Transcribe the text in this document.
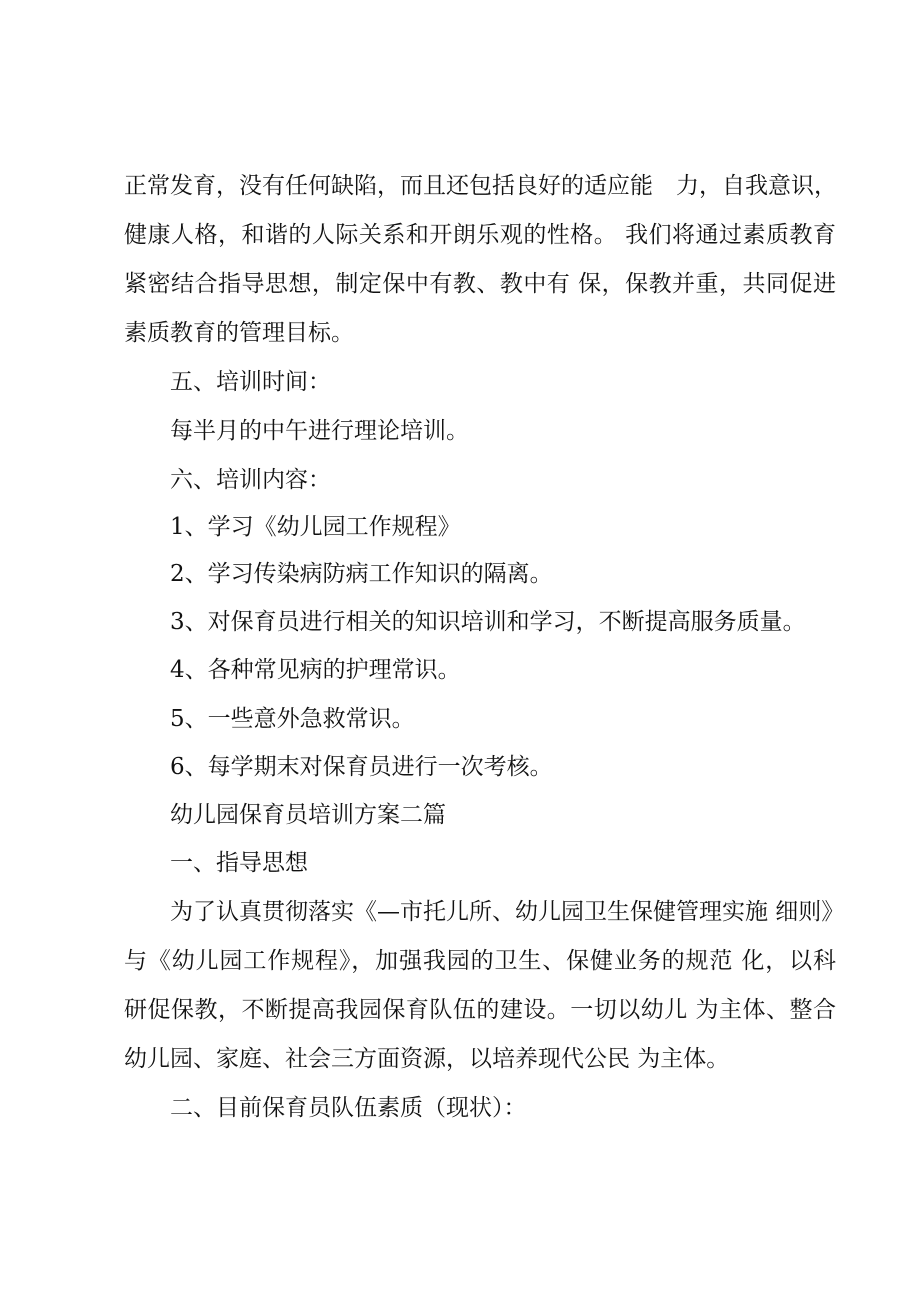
正常发育，没有任何缺陷，而且还包括良好的适应能　力，自我意识，
健康人格，和谐的人际关系和开朗乐观的性格。 我们将通过素质教育
紧密结合指导思想，制定保中有教、教中有 保，保教并重，共同促进
素质教育的管理目标。
五、培训时间：
每半月的中午进行理论培训。
六、培训内容：
1、学习《幼儿园工作规程》
2、学习传染病防病工作知识的隔离。
3、对保育员进行相关的知识培训和学习，不断提高服务质量。
4、各种常见病的护理常识。
5、一些意外急救常识。
6、每学期末对保育员进行一次考核。
幼儿园保育员培训方案二篇
一、指导思想
为了认真贯彻落实《—市托儿所、幼儿园卫生保健管理实施 细则》
与《幼儿园工作规程》，加强我园的卫生、保健业务的规范 化，以科
研促保教，不断提高我园保育队伍的建设。一切以幼儿 为主体、整合
幼儿园、家庭、社会三方面资源，以培养现代公民 为主体。
二、目前保育员队伍素质（现状）：
